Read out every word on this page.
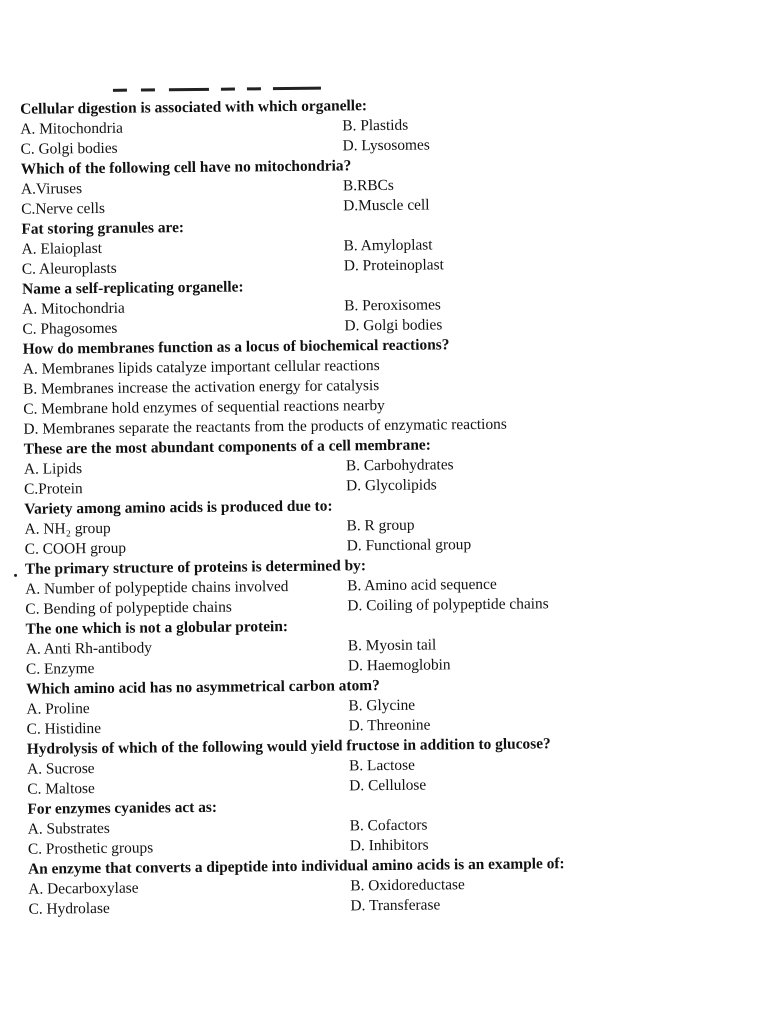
Cellular digestion is associated with which organelle:
A. Mitochondria	B. Plastids
C. Golgi bodies	D. Lysosomes
Which of the following cell have no mitochondria?
A.Viruses	B.RBCs
C.Nerve cells	D.Muscle cell
Fat storing granules are:
A. Elaioplast	B. Amyloplast
C. Aleuroplasts	D. Proteinoplast
Name a self-replicating organelle:
A. Mitochondria	B. Peroxisomes
C. Phagosomes	D. Golgi bodies
How do membranes function as a locus of biochemical reactions?
A. Membranes lipids catalyze important cellular reactions
B. Membranes increase the activation energy for catalysis
C. Membrane hold enzymes of sequential reactions nearby
D. Membranes separate the reactants from the products of enzymatic reactions
These are the most abundant components of a cell membrane:
A. Lipids	B. Carbohydrates
C.Protein	D. Glycolipids
Variety among amino acids is produced due to:
A. NH₂ group	B. R group
C. COOH group	D. Functional group
The primary structure of proteins is determined by:
A. Number of polypeptide chains involved	B. Amino acid sequence
C. Bending of polypeptide chains	D. Coiling of polypeptide chains
The one which is not a globular protein:
A. Anti Rh-antibody	B. Myosin tail
C. Enzyme	D. Haemoglobin
Which amino acid has no asymmetrical carbon atom?
A. Proline	B. Glycine
C. Histidine	D. Threonine
Hydrolysis of which of the following would yield fructose in addition to glucose?
A. Sucrose	B. Lactose
C. Maltose	D. Cellulose
For enzymes cyanides act as:
A. Substrates	B. Cofactors
C. Prosthetic groups	D. Inhibitors
An enzyme that converts a dipeptide into individual amino acids is an example of:
A. Decarboxylase	B. Oxidoreductase
C. Hydrolase	D. Transferase
